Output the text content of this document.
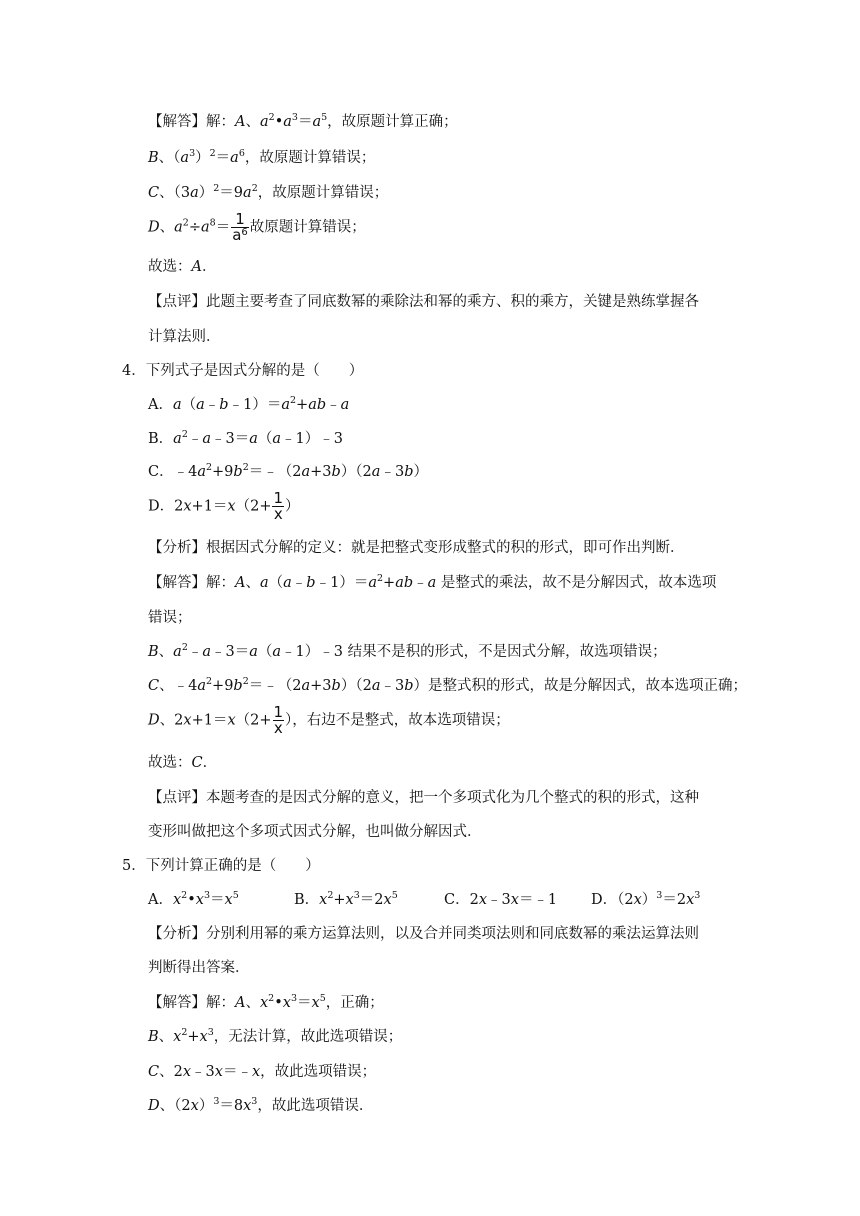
【解答】解：A、$a^2•a^3=a^5$，故原题计算正确；
B、$(a^3)^2=a^6$，故原题计算错误；
C、$(3a)^2=9a^2$，故原题计算错误；
D、$a^2\div a^8= \frac{1}{a^6}$ 故原题计算错误；
故选：A．
【点评】此题主要考查了同底数幂的乘除法和幂的乘方、积的乘方，关键是熟练掌握各
计算法则．
4．下列式子是因式分解的是（　　）
A．$a(a﹣b﹣1)=a^2+ab﹣a$
B．$a^2﹣a﹣3=a(a﹣1)﹣3$
C．$﹣4a^2+9b^2=﹣(2a+3b)(2a﹣3b)$
D．$2x+1=x(2+ \frac{1}{x}$ ）
【分析】根据因式分解的定义：就是把整式变形成整式的积的形式，即可作出判断．
【解答】解：A、$a(a﹣b﹣1)=a^2+ab﹣a$ 是整式的乘法，故不是分解因式，故本选项
错误；
B、$a^2﹣a﹣3=a(a﹣1)﹣3$ 结果不是积的形式，不是因式分解，故选项错误；
C、$﹣4a^2+9b^2=﹣(2a+3b)(2a﹣3b)$是整式积的形式，故是分解因式，故本选项正确；
D、$2x+1=x(2+ \frac{1}{x}$ ），右边不是整式，故本选项错误；
故选：C．
【点评】本题考查的是因式分解的意义，把一个多项式化为几个整式的积的形式，这种
变形叫做把这个多项式因式分解，也叫做分解因式．
5．下列计算正确的是（　　）
A．$x^2•x^3=x^5$	B．$x^2+x^3=2x^5$	C．2x﹣3x＝﹣1 D．$(2x)^3=2x^3$
【分析】分别利用幂的乘方运算法则，以及合并同类项法则和同底数幂的乘法运算法则
判断得出答案．
【解答】解：A、$x^2•x^3=x^5$，正确；
B、$x^2+x^3$，无法计算，故此选项错误；
C、2x﹣3x＝﹣x，故此选项错误；
D、$(2x)^3=8x^3$，故此选项错误．
